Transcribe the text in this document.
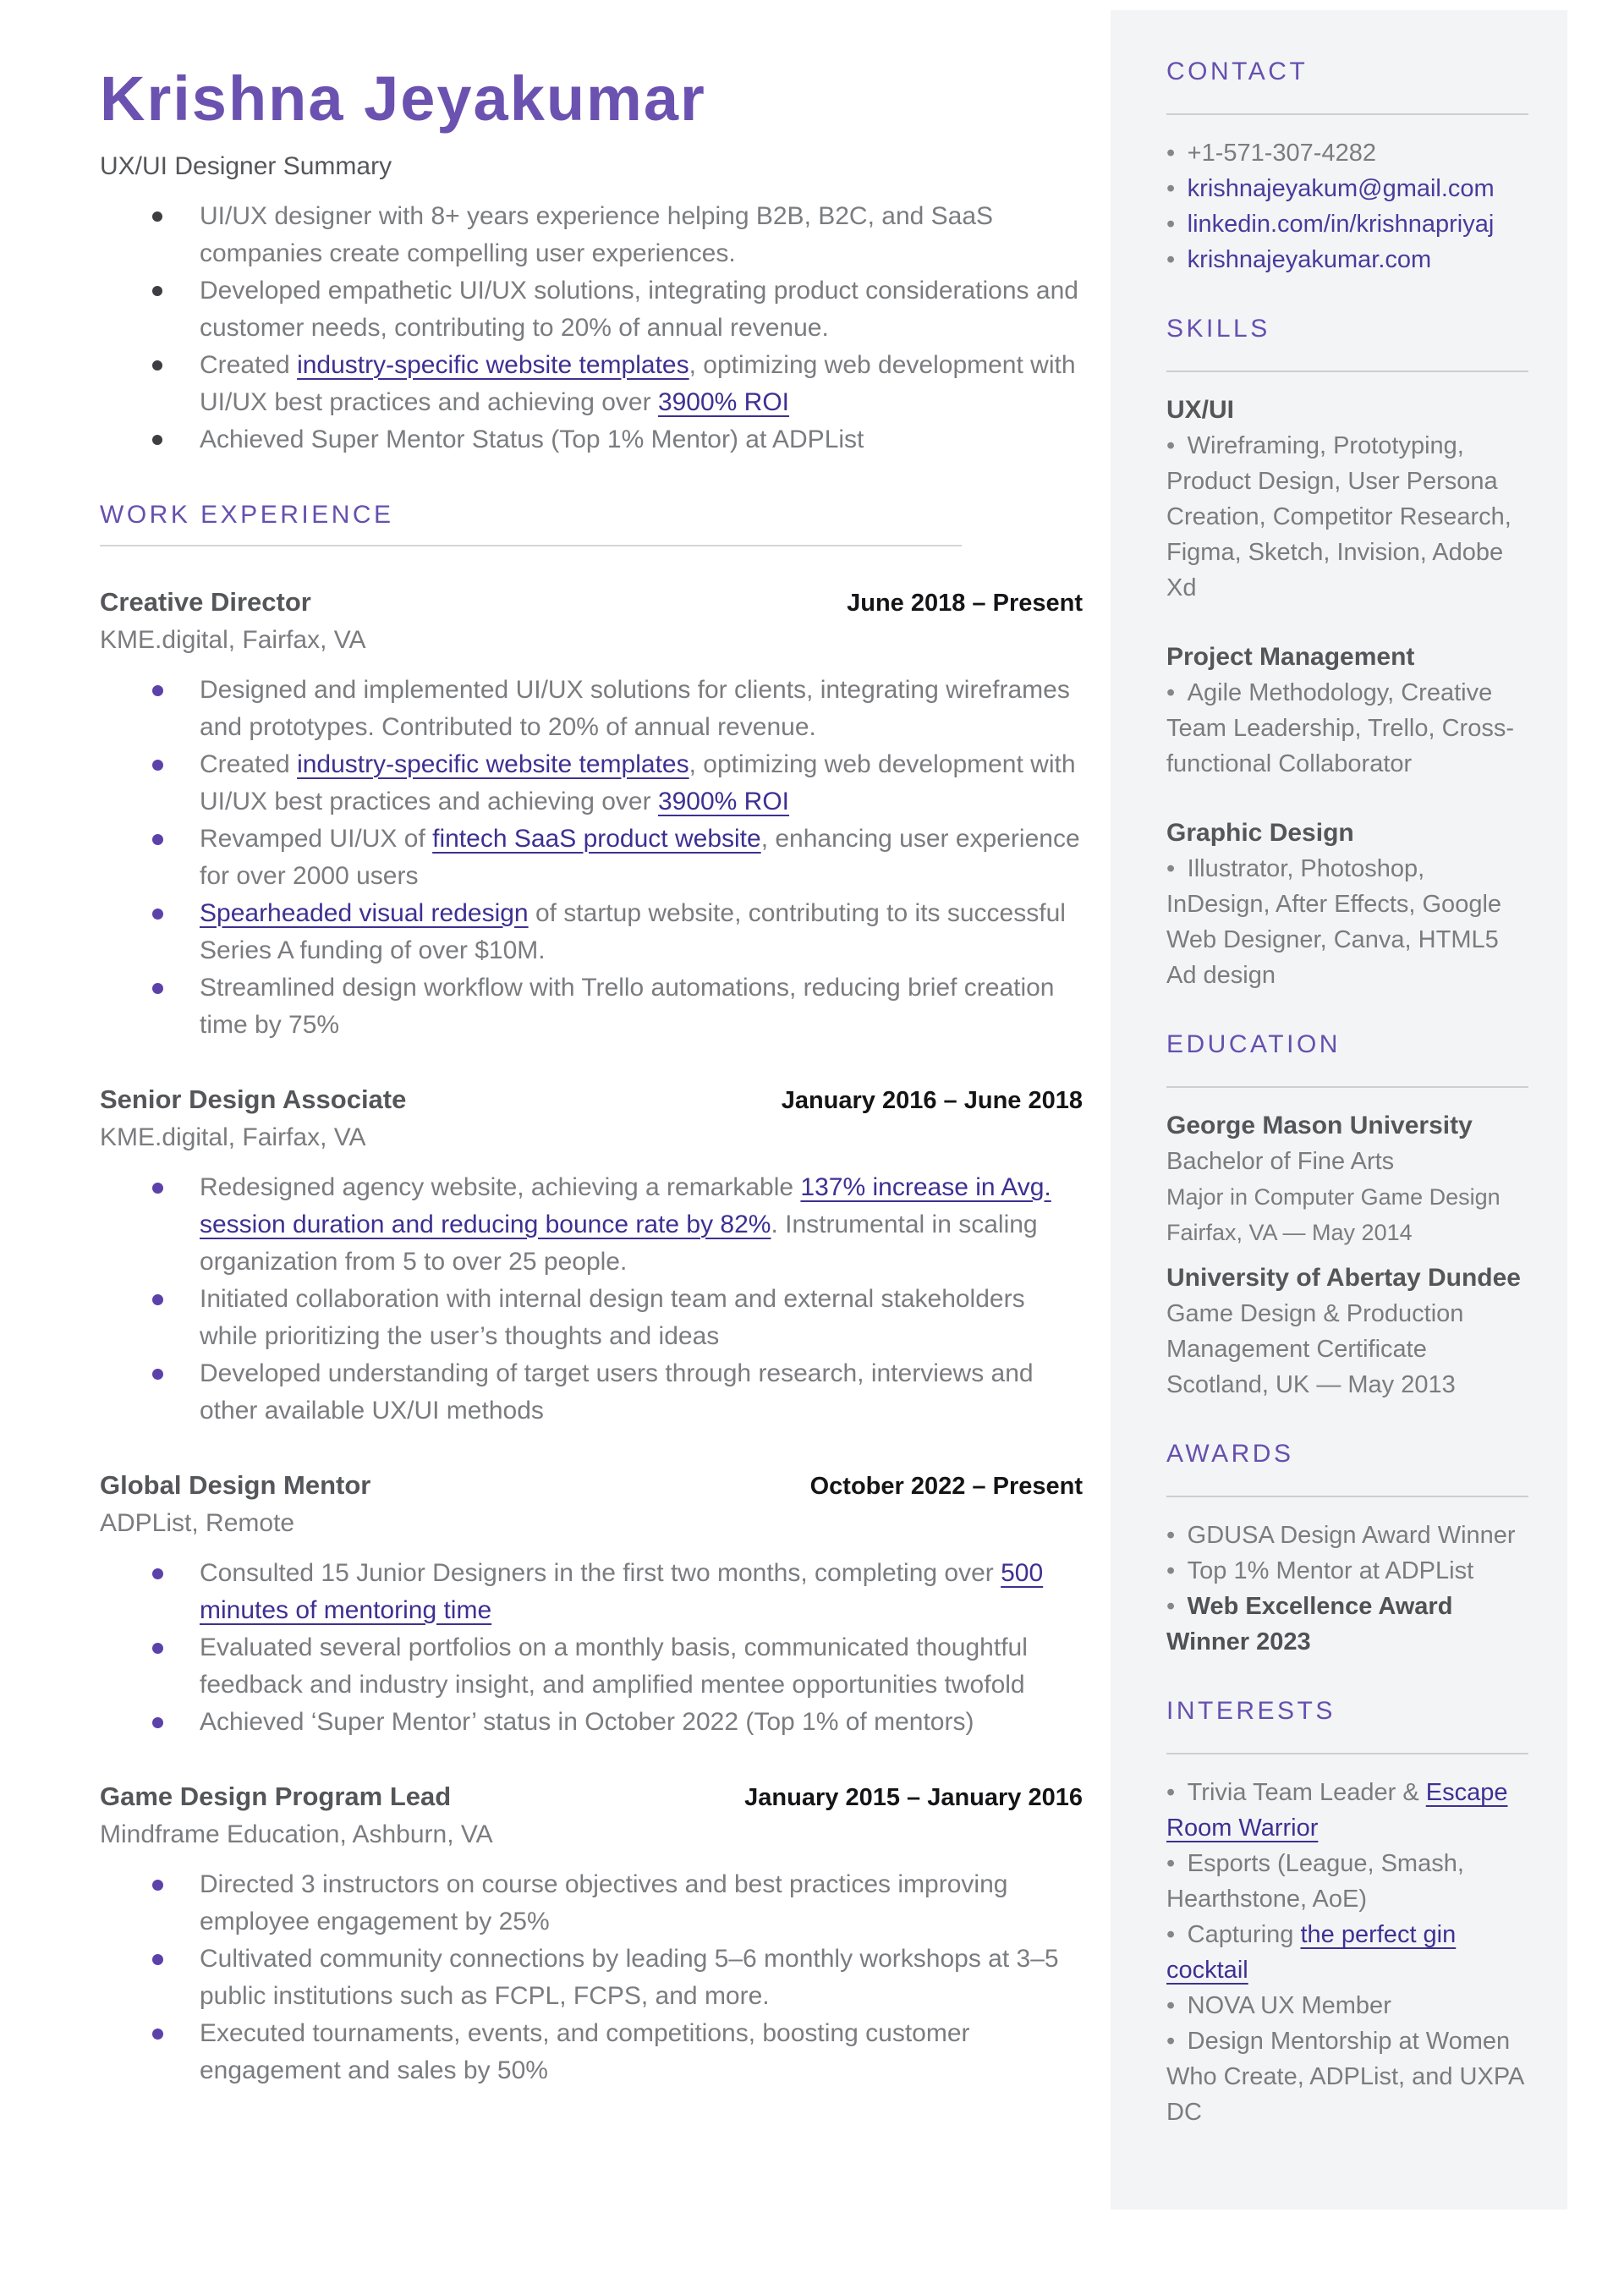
Krishna Jeyakumar
UX/UI Designer Summary
UI/UX designer with 8+ years experience helping B2B, B2C, and SaaS companies create compelling user experiences.
Developed empathetic UI/UX solutions, integrating product considerations and customer needs, contributing to 20% of annual revenue.
Created industry-specific website templates, optimizing web development with UI/UX best practices and achieving over 3900% ROI
Achieved Super Mentor Status (Top 1% Mentor) at ADPList
WORK EXPERIENCE
Creative Director	June 2018 – Present
KME.digital, Fairfax, VA
Designed and implemented UI/UX solutions for clients, integrating wireframes and prototypes. Contributed to 20% of annual revenue.
Created industry-specific website templates, optimizing web development with UI/UX best practices and achieving over 3900% ROI
Revamped UI/UX of fintech SaaS product website, enhancing user experience for over 2000 users
Spearheaded visual redesign of startup website, contributing to its successful Series A funding of over $10M.
Streamlined design workflow with Trello automations, reducing brief creation time by 75%
Senior Design Associate	January 2016 – June 2018
KME.digital, Fairfax, VA
Redesigned agency website, achieving a remarkable 137% increase in Avg. session duration and reducing bounce rate by 82%. Instrumental in scaling organization from 5 to over 25 people.
Initiated collaboration with internal design team and external stakeholders while prioritizing the user’s thoughts and ideas
Developed understanding of target users through research, interviews and other available UX/UI methods
Global Design Mentor	October 2022 – Present
ADPList, Remote
Consulted 15 Junior Designers in the first two months, completing over 500 minutes of mentoring time
Evaluated several portfolios on a monthly basis, communicated thoughtful feedback and industry insight, and amplified mentee opportunities twofold
Achieved ‘Super Mentor’ status in October 2022 (Top 1% of mentors)
Game Design Program Lead	January 2015 – January 2016
Mindframe Education, Ashburn, VA
Directed 3 instructors on course objectives and best practices improving employee engagement by 25%
Cultivated community connections by leading 5–6 monthly workshops at 3–5 public institutions such as FCPL, FCPS, and more.
Executed tournaments, events, and competitions, boosting customer engagement and sales by 50%
CONTACT
• +1-571-307-4282
• krishnajeyakum@gmail.com
• linkedin.com/in/krishnapriyaj
• krishnajeyakumar.com
SKILLS
UX/UI
• Wireframing, Prototyping, Product Design, User Persona Creation, Competitor Research, Figma, Sketch, Invision, Adobe Xd
Project Management
• Agile Methodology, Creative Team Leadership, Trello, Cross-functional Collaborator
Graphic Design
• Illustrator, Photoshop, InDesign, After Effects, Google Web Designer, Canva, HTML5 Ad design
EDUCATION
George Mason University
Bachelor of Fine Arts
Major in Computer Game Design
Fairfax, VA — May 2014
University of Abertay Dundee
Game Design & Production Management Certificate
Scotland, UK — May 2013
AWARDS
• GDUSA Design Award Winner
• Top 1% Mentor at ADPList
• Web Excellence Award Winner 2023
INTERESTS
• Trivia Team Leader & Escape Room Warrior
• Esports (League, Smash, Hearthstone, AoE)
• Capturing the perfect gin cocktail
• NOVA UX Member
• Design Mentorship at Women Who Create, ADPList, and UXPA DC
